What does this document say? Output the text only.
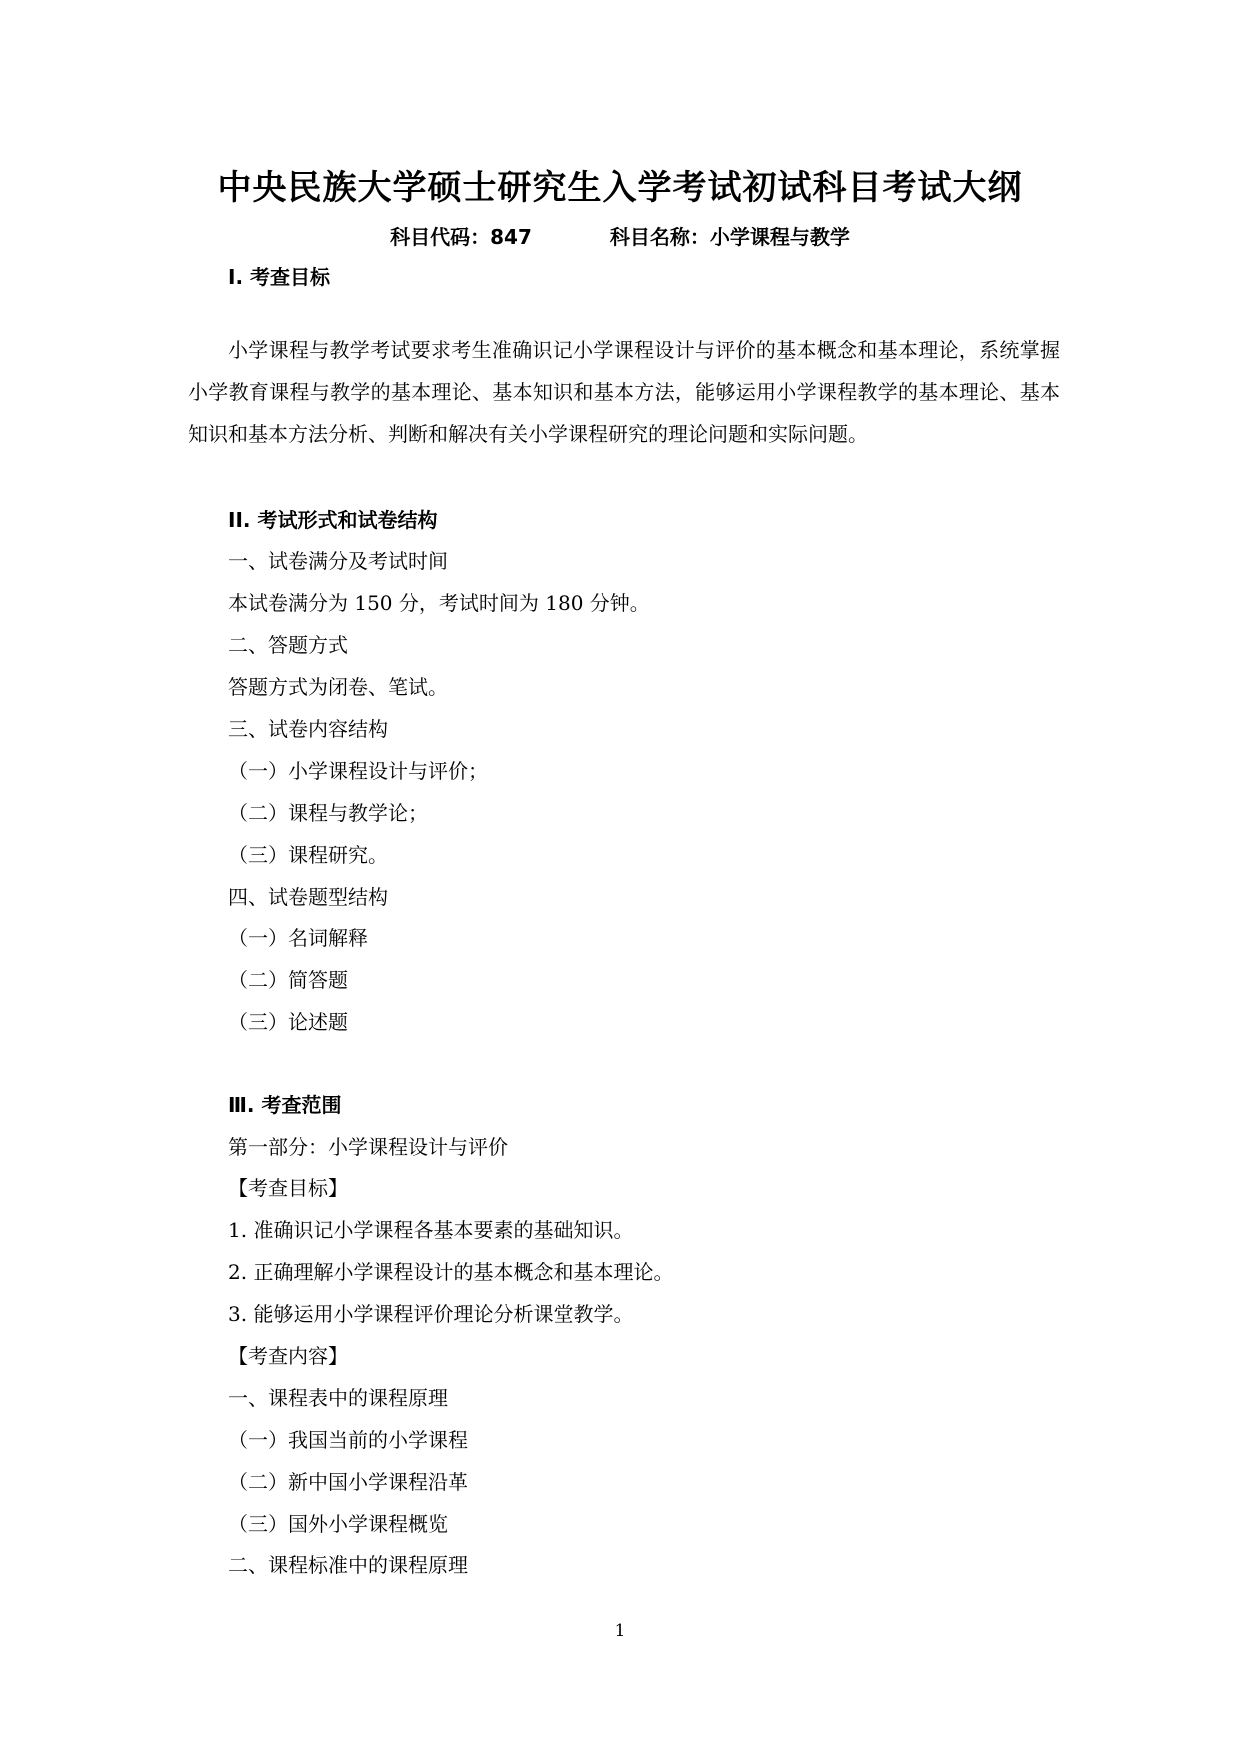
中央民族大学硕士研究生入学考试初试科目考试大纲
科目代码：847	科目名称：小学课程与教学
I. 考查目标
小学课程与教学考试要求考生准确识记小学课程设计与评价的基本概念和基本理论，系统掌握小学教育课程与教学的基本理论、基本知识和基本方法，能够运用小学课程教学的基本理论、基本知识和基本方法分析、判断和解决有关小学课程研究的理论问题和实际问题。
II. 考试形式和试卷结构
一、试卷满分及考试时间
本试卷满分为 150 分，考试时间为 180 分钟。
二、答题方式
答题方式为闭卷、笔试。
三、试卷内容结构
（一）小学课程设计与评价；
（二）课程与教学论；
（三）课程研究。
四、试卷题型结构
（一）名词解释
（二）简答题
（三）论述题
Ⅲ. 考查范围
第一部分：小学课程设计与评价
【考查目标】
1. 准确识记小学课程各基本要素的基础知识。
2. 正确理解小学课程设计的基本概念和基本理论。
3. 能够运用小学课程评价理论分析课堂教学。
【考查内容】
一、课程表中的课程原理
（一）我国当前的小学课程
（二）新中国小学课程沿革
（三）国外小学课程概览
二、课程标准中的课程原理
1
